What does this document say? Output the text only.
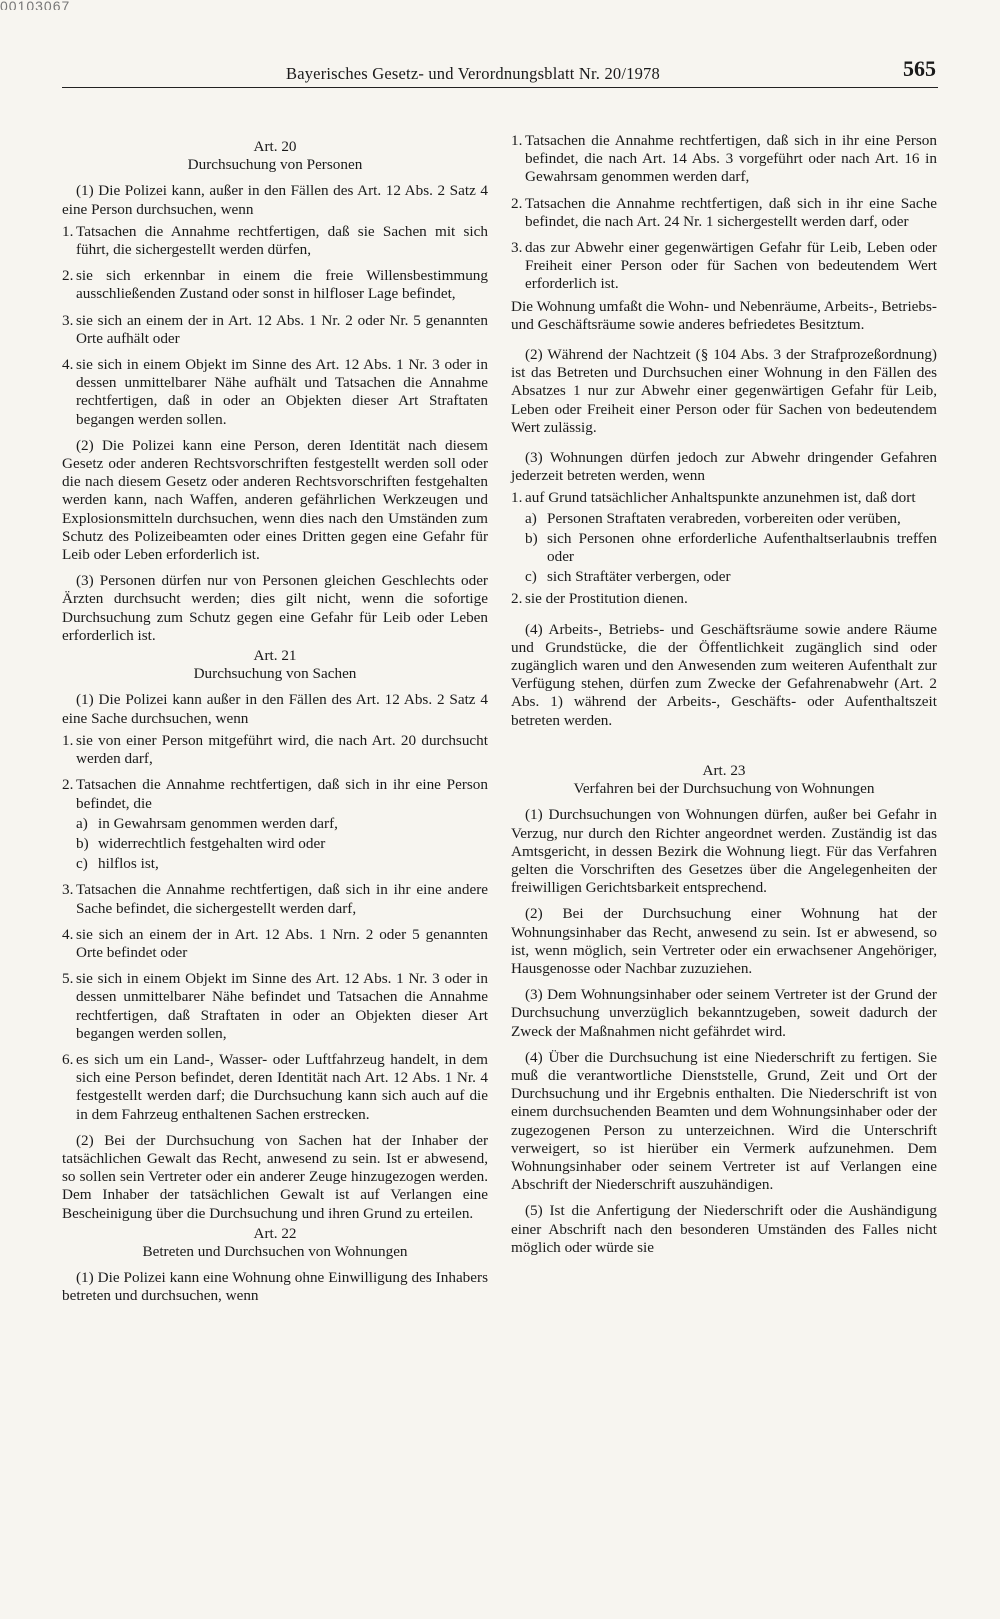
00103067
Bayerisches Gesetz- und Verordnungsblatt Nr. 20/1978	565
Art. 20
Durchsuchung von Personen
(1) Die Polizei kann, außer in den Fällen des Art. 12 Abs. 2 Satz 4 eine Person durchsuchen, wenn
1. Tatsachen die Annahme rechtfertigen, daß sie Sachen mit sich führt, die sichergestellt werden dürfen,
2. sie sich erkennbar in einem die freie Willensbestimmung ausschließenden Zustand oder sonst in hilfloser Lage befindet,
3. sie sich an einem der in Art. 12 Abs. 1 Nr. 2 oder Nr. 5 genannten Orte aufhält oder
4. sie sich in einem Objekt im Sinne des Art. 12 Abs. 1 Nr. 3 oder in dessen unmittelbarer Nähe aufhält und Tatsachen die Annahme rechtfertigen, daß in oder an Objekten dieser Art Straftaten begangen werden sollen.
(2) Die Polizei kann eine Person, deren Identität nach diesem Gesetz oder anderen Rechtsvorschriften festgestellt werden soll oder die nach diesem Gesetz oder anderen Rechtsvorschriften festgehalten werden kann, nach Waffen, anderen gefährlichen Werkzeugen und Explosionsmitteln durchsuchen, wenn dies nach den Umständen zum Schutz des Polizeibeamten oder eines Dritten gegen eine Gefahr für Leib oder Leben erforderlich ist.
(3) Personen dürfen nur von Personen gleichen Geschlechts oder Ärzten durchsucht werden; dies gilt nicht, wenn die sofortige Durchsuchung zum Schutz gegen eine Gefahr für Leib oder Leben erforderlich ist.
Art. 21
Durchsuchung von Sachen
(1) Die Polizei kann außer in den Fällen des Art. 12 Abs. 2 Satz 4 eine Sache durchsuchen, wenn
1. sie von einer Person mitgeführt wird, die nach Art. 20 durchsucht werden darf,
2. Tatsachen die Annahme rechtfertigen, daß sich in ihr eine Person befindet, die
a) in Gewahrsam genommen werden darf,
b) widerrechtlich festgehalten wird oder
c) hilflos ist,
3. Tatsachen die Annahme rechtfertigen, daß sich in ihr eine andere Sache befindet, die sichergestellt werden darf,
4. sie sich an einem der in Art. 12 Abs. 1 Nrn. 2 oder 5 genannten Orte befindet oder
5. sie sich in einem Objekt im Sinne des Art. 12 Abs. 1 Nr. 3 oder in dessen unmittelbarer Nähe befindet und Tatsachen die Annahme rechtfertigen, daß Straftaten in oder an Objekten dieser Art begangen werden sollen,
6. es sich um ein Land-, Wasser- oder Luftfahrzeug handelt, in dem sich eine Person befindet, deren Identität nach Art. 12 Abs. 1 Nr. 4 festgestellt werden darf; die Durchsuchung kann sich auch auf die in dem Fahrzeug enthaltenen Sachen erstrecken.
(2) Bei der Durchsuchung von Sachen hat der Inhaber der tatsächlichen Gewalt das Recht, anwesend zu sein. Ist er abwesend, so sollen sein Vertreter oder ein anderer Zeuge hinzugezogen werden. Dem Inhaber der tatsächlichen Gewalt ist auf Verlangen eine Bescheinigung über die Durchsuchung und ihren Grund zu erteilen.
Art. 22
Betreten und Durchsuchen von Wohnungen
(1) Die Polizei kann eine Wohnung ohne Einwilligung des Inhabers betreten und durchsuchen, wenn
1. Tatsachen die Annahme rechtfertigen, daß sich in ihr eine Person befindet, die nach Art. 14 Abs. 3 vorgeführt oder nach Art. 16 in Gewahrsam genommen werden darf,
2. Tatsachen die Annahme rechtfertigen, daß sich in ihr eine Sache befindet, die nach Art. 24 Nr. 1 sichergestellt werden darf, oder
3. das zur Abwehr einer gegenwärtigen Gefahr für Leib, Leben oder Freiheit einer Person oder für Sachen von bedeutendem Wert erforderlich ist.
Die Wohnung umfaßt die Wohn- und Nebenräume, Arbeits-, Betriebs- und Geschäftsräume sowie anderes befriedetes Besitztum.
(2) Während der Nachtzeit (§ 104 Abs. 3 der Strafprozeßordnung) ist das Betreten und Durchsuchen einer Wohnung in den Fällen des Absatzes 1 nur zur Abwehr einer gegenwärtigen Gefahr für Leib, Leben oder Freiheit einer Person oder für Sachen von bedeutendem Wert zulässig.
(3) Wohnungen dürfen jedoch zur Abwehr dringender Gefahren jederzeit betreten werden, wenn
1. auf Grund tatsächlicher Anhaltspunkte anzunehmen ist, daß dort
a) Personen Straftaten verabreden, vorbereiten oder verüben,
b) sich Personen ohne erforderliche Aufenthaltserlaubnis treffen oder
c) sich Straftäter verbergen, oder
2. sie der Prostitution dienen.
(4) Arbeits-, Betriebs- und Geschäftsräume sowie andere Räume und Grundstücke, die der Öffentlichkeit zugänglich sind oder zugänglich waren und den Anwesenden zum weiteren Aufenthalt zur Verfügung stehen, dürfen zum Zwecke der Gefahrenabwehr (Art. 2 Abs. 1) während der Arbeits-, Geschäfts- oder Aufenthaltszeit betreten werden.
Art. 23
Verfahren bei der Durchsuchung von Wohnungen
(1) Durchsuchungen von Wohnungen dürfen, außer bei Gefahr in Verzug, nur durch den Richter angeordnet werden. Zuständig ist das Amtsgericht, in dessen Bezirk die Wohnung liegt. Für das Verfahren gelten die Vorschriften des Gesetzes über die Angelegenheiten der freiwilligen Gerichtsbarkeit entsprechend.
(2) Bei der Durchsuchung einer Wohnung hat der Wohnungsinhaber das Recht, anwesend zu sein. Ist er abwesend, so ist, wenn möglich, sein Vertreter oder ein erwachsener Angehöriger, Hausgenosse oder Nachbar zuzuziehen.
(3) Dem Wohnungsinhaber oder seinem Vertreter ist der Grund der Durchsuchung unverzüglich bekanntzugeben, soweit dadurch der Zweck der Maßnahmen nicht gefährdet wird.
(4) Über die Durchsuchung ist eine Niederschrift zu fertigen. Sie muß die verantwortliche Dienststelle, Grund, Zeit und Ort der Durchsuchung und ihr Ergebnis enthalten. Die Niederschrift ist von einem durchsuchenden Beamten und dem Wohnungsinhaber oder der zugezogenen Person zu unterzeichnen. Wird die Unterschrift verweigert, so ist hierüber ein Vermerk aufzunehmen. Dem Wohnungsinhaber oder seinem Vertreter ist auf Verlangen eine Abschrift der Niederschrift auszuhändigen.
(5) Ist die Anfertigung der Niederschrift oder die Aushändigung einer Abschrift nach den besonderen Umständen des Falles nicht möglich oder würde sie
